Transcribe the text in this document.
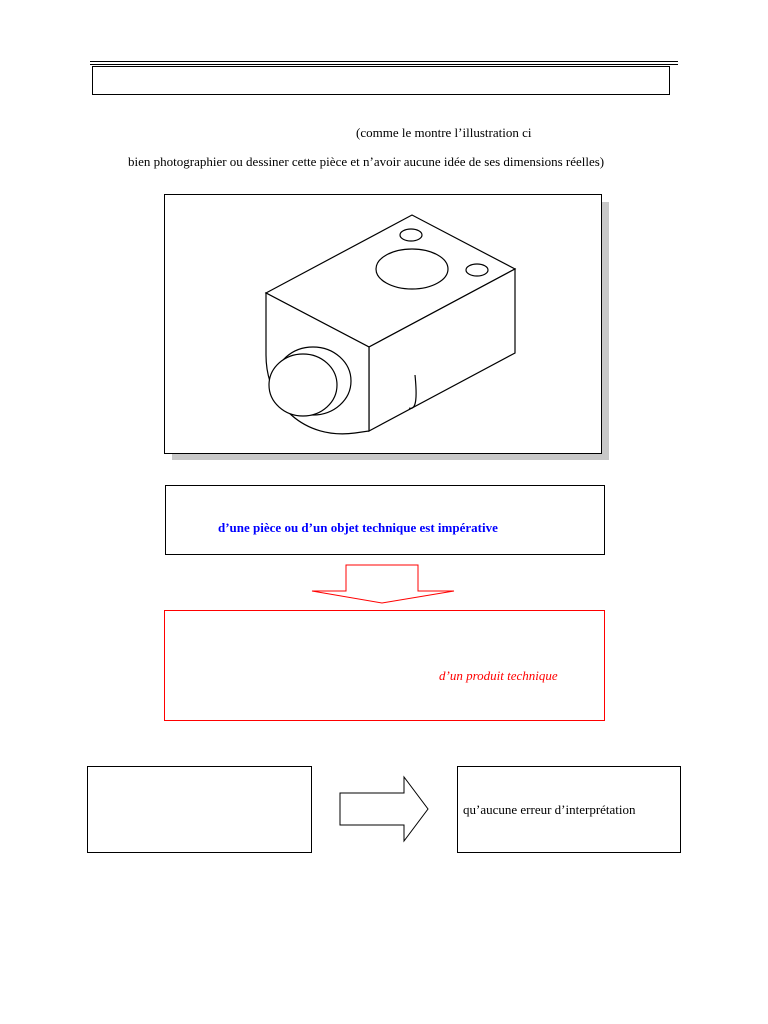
(comme le montre l’illustration ci
bien photographier ou dessiner cette pièce et n’avoir aucune idée de ses dimensions réelles)
d’une pièce ou d’un objet technique est impérative
d’un produit technique
qu’aucune erreur d’interprétation
